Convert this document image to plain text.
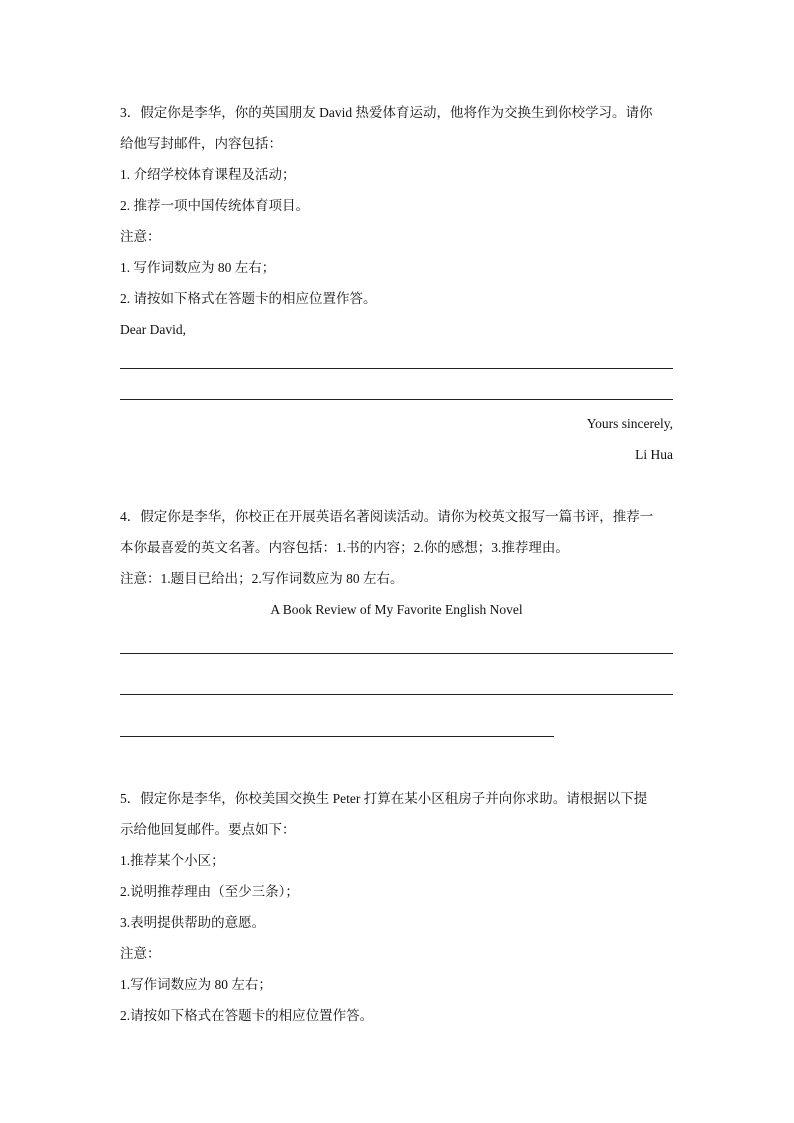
3．假定你是李华，你的英国朋友 David 热爱体育运动，他将作为交换生到你校学习。请你
给他写封邮件，内容包括：
1. 介绍学校体育课程及活动；
2. 推荐一项中国传统体育项目。
注意：
1. 写作词数应为 80 左右；
2. 请按如下格式在答题卡的相应位置作答。
Dear David,
Yours sincerely,
Li Hua
4．假定你是李华，你校正在开展英语名著阅读活动。请你为校英文报写一篇书评，推荐一
本你最喜爱的英文名著。内容包括：1.书的内容；2.你的感想；3.推荐理由。
注意：1.题目已给出；2.写作词数应为 80 左右。
A Book Review of My Favorite English Novel
5．假定你是李华，你校美国交换生 Peter 打算在某小区租房子并向你求助。请根据以下提
示给他回复邮件。要点如下：
1.推荐某个小区；
2.说明推荐理由（至少三条）；
3.表明提供帮助的意愿。
注意：
1.写作词数应为 80 左右；
2.请按如下格式在答题卡的相应位置作答。
